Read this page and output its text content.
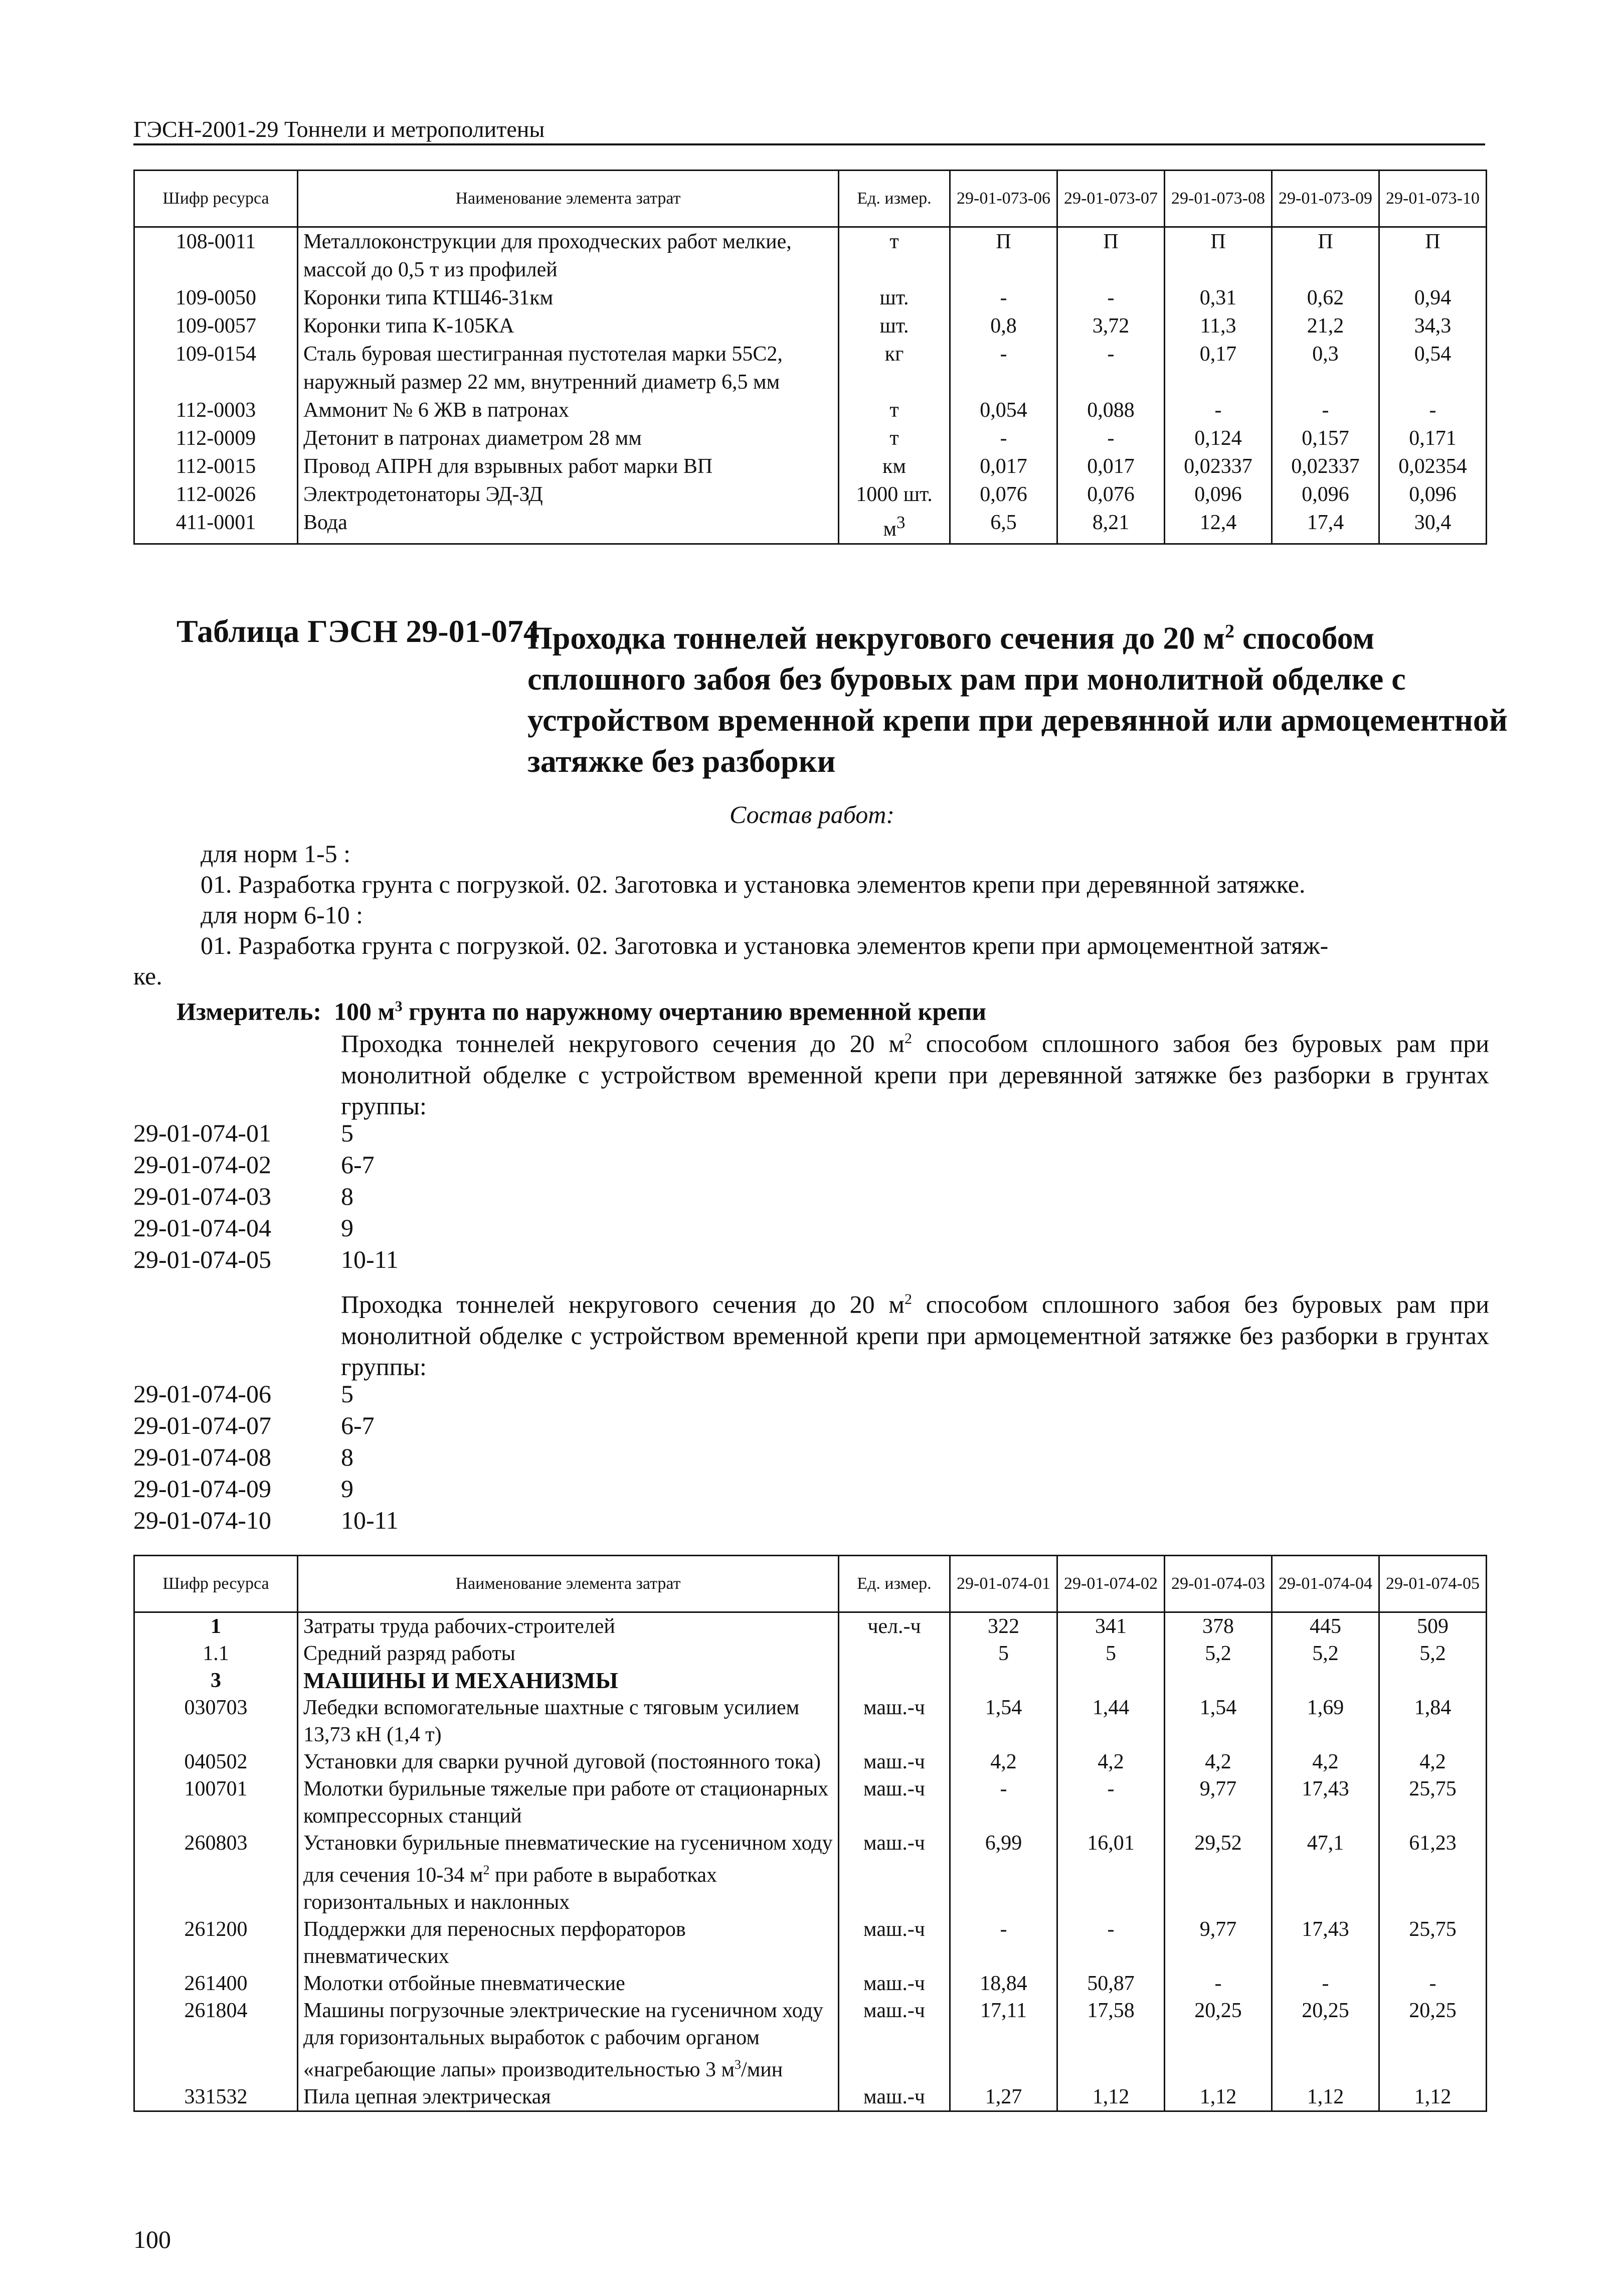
ГЭСН-2001-29 Тоннели и метрополитены
Шифр ресурса	Наименование элемента затрат	Ед. измер.	29-01-073-06	29-01-073-07	29-01-073-08	29-01-073-09	29-01-073-10
108-0011	Металлоконструкции для проходческих работ мелкие, массой до 0,5 т из профилей	т	П	П	П	П	П
109-0050	Коронки типа КТШ46-31км	шт.	-	-	0,31	0,62	0,94
109-0057	Коронки типа К-105КА	шт.	0,8	3,72	11,3	21,2	34,3
109-0154	Сталь буровая шестигранная пустотелая марки 55С2, наружный размер 22 мм, внутренний диаметр 6,5 мм	кг	-	-	0,17	0,3	0,54
112-0003	Аммонит № 6 ЖВ в патронах	т	0,054	0,088	-	-	-
112-0009	Детонит в патронах диаметром 28 мм	т	-	-	0,124	0,157	0,171
112-0015	Провод АПРН для взрывных работ марки ВП	км	0,017	0,017	0,02337	0,02337	0,02354
112-0026	Электродетонаторы ЭД-ЗД	1000 шт.	0,076	0,076	0,096	0,096	0,096
411-0001	Вода	$м^3$	6,5	8,21	12,4	17,4	30,4
Таблица ГЭСН 29-01-074
Проходка тоннелей некругового сечения до 20 $м^2$ способом сплошного забоя без буровых рам при монолитной обделке с устройством временной крепи при деревянной или армоцементной затяжке без разборки
Состав работ:
для норм 1-5 :
01. Разработка грунта с погрузкой. 02. Заготовка и установка элементов крепи при деревянной затяжке.
для норм 6-10 :
01. Разработка грунта с погрузкой. 02. Заготовка и установка элементов крепи при армоцементной затяж-
ке.
Измеритель: 100 $м^3$ грунта по наружному очертанию временной крепи
Проходка тоннелей некругового сечения до 20 $м^2$ способом сплошного забоя без буровых рам при монолитной обделке с устройством временной крепи при деревянной затяжке без разборки в грунтах группы:
29-01-074-01	5
29-01-074-02	6-7
29-01-074-03	8
29-01-074-04	9
29-01-074-05	10-11
Проходка тоннелей некругового сечения до 20 $м^2$ способом сплошного забоя без буровых рам при монолитной обделке с устройством временной крепи при армоцементной затяжке без разборки в грунтах группы:
29-01-074-06	5
29-01-074-07	6-7
29-01-074-08	8
29-01-074-09	9
29-01-074-10	10-11
Шифр ресурса	Наименование элемента затрат	Ед. измер.	29-01-074-01	29-01-074-02	29-01-074-03	29-01-074-04	29-01-074-05
1	Затраты труда рабочих-строителей	чел.-ч	322	341	378	445	509
1.1	Средний разряд работы		5	5	5,2	5,2	5,2
3	МАШИНЫ И МЕХАНИЗМЫ						
030703	Лебедки вспомогательные шахтные с тяговым усилием 13,73 кН (1,4 т)	маш.-ч	1,54	1,44	1,54	1,69	1,84
040502	Установки для сварки ручной дуговой (постоянного тока)	маш.-ч	4,2	4,2	4,2	4,2	4,2
100701	Молотки бурильные тяжелые при работе от стационарных компрессорных станций	маш.-ч	-	-	9,77	17,43	25,75
260803	Установки бурильные пневматические на гусеничном ходу для сечения 10-34 $м^2$ при работе в выработках горизонтальных и наклонных	маш.-ч	6,99	16,01	29,52	47,1	61,23
261200	Поддержки для переносных перфораторов пневматических	маш.-ч	-	-	9,77	17,43	25,75
261400	Молотки отбойные пневматические	маш.-ч	18,84	50,87	-	-	-
261804	Машины погрузочные электрические на гусеничном ходу для горизонтальных выработок с рабочим органом «нагребающие лапы» производительностью 3 $м^3$/мин	маш.-ч	17,11	17,58	20,25	20,25	20,25
331532	Пила цепная электрическая	маш.-ч	1,27	1,12	1,12	1,12	1,12
100
